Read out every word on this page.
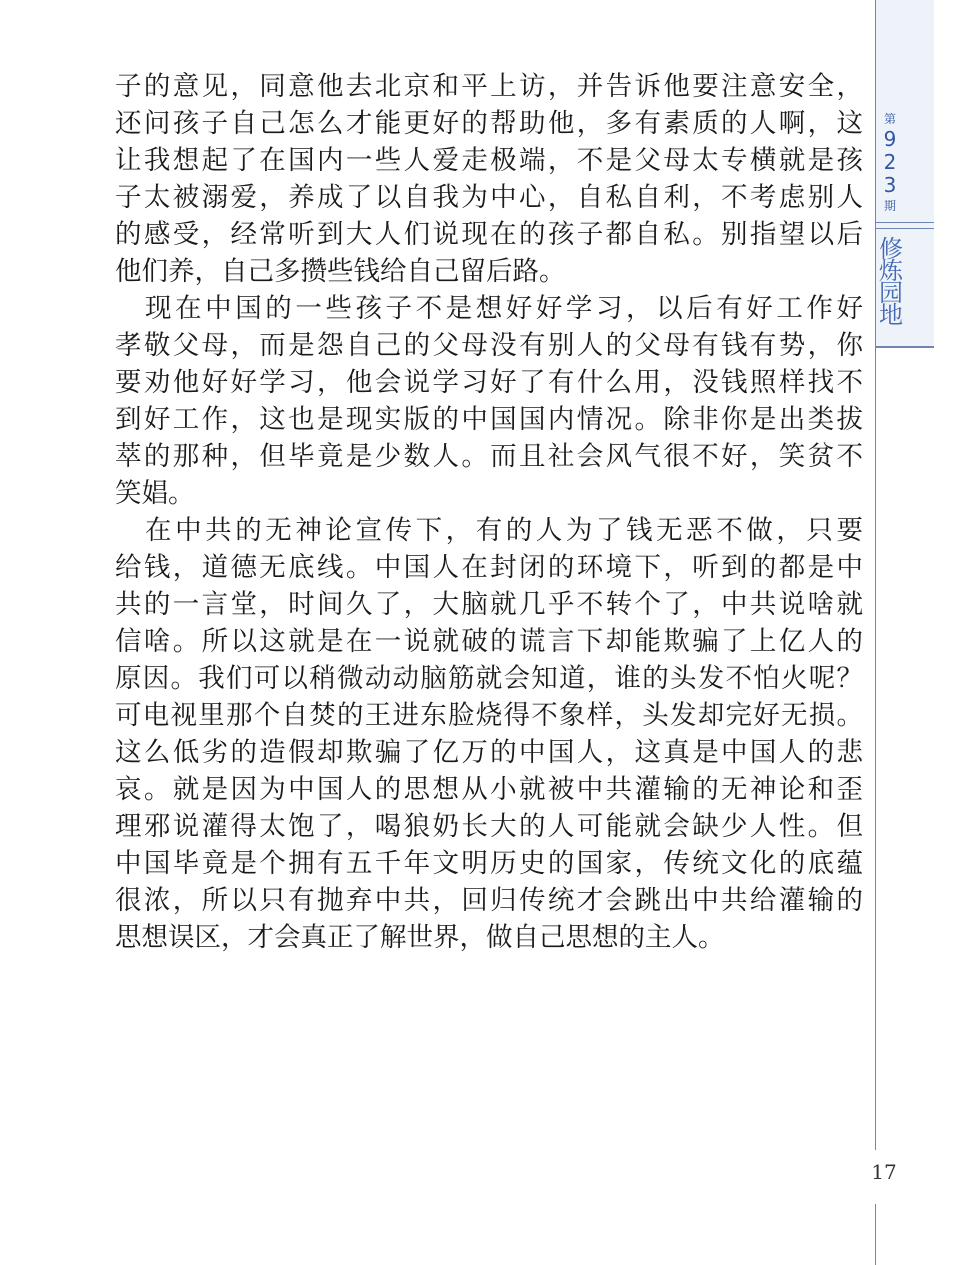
第
9
2
3
期
修
炼
园
地
子的意见，同意他去北京和平上访，并告诉他要注意安全，
还问孩子自己怎么才能更好的帮助他，多有素质的人啊，这
让我想起了在国内一些人爱走极端，不是父母太专横就是孩
子太被溺爱，养成了以自我为中心，自私自利，不考虑别人
的感受，经常听到大人们说现在的孩子都自私。别指望以后
他们养，自己多攒些钱给自己留后路。
　现在中国的一些孩子不是想好好学习，以后有好工作好
孝敬父母，而是怨自己的父母没有别人的父母有钱有势，你
要劝他好好学习，他会说学习好了有什么用，没钱照样找不
到好工作，这也是现实版的中国国内情况。除非你是出类拔
萃的那种，但毕竟是少数人。而且社会风气很不好，笑贫不
笑娼。
　在中共的无神论宣传下，有的人为了钱无恶不做，只要
给钱，道德无底线。中国人在封闭的环境下，听到的都是中
共的一言堂，时间久了，大脑就几乎不转个了，中共说啥就
信啥。所以这就是在一说就破的谎言下却能欺骗了上亿人的
原因。我们可以稍微动动脑筋就会知道，谁的头发不怕火呢？
可电视里那个自焚的王进东脸烧得不象样，头发却完好无损。
这么低劣的造假却欺骗了亿万的中国人，这真是中国人的悲
哀。就是因为中国人的思想从小就被中共灌输的无神论和歪
理邪说灌得太饱了，喝狼奶长大的人可能就会缺少人性。但
中国毕竟是个拥有五千年文明历史的国家，传统文化的底蕴
很浓，所以只有抛弃中共，回归传统才会跳出中共给灌输的
思想误区，才会真正了解世界，做自己思想的主人。
17
